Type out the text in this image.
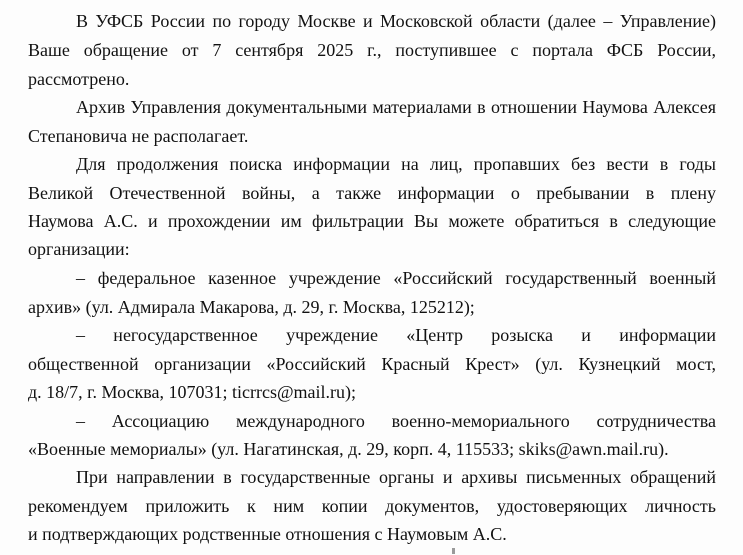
В УФСБ России по городу Москве и Московской области (далее – Управление)
Ваше обращение от 7 сентября 2025 г., поступившее с портала ФСБ России,
рассмотрено.
Архив Управления документальными материалами в отношении Наумова Алексея
Степановича не располагает.
Для продолжения поиска информации на лиц, пропавших без вести в годы
Великой Отечественной войны, а также информации о пребывании в плену
Наумова А.С. и прохождении им фильтрации Вы можете обратиться в следующие
организации:
– федеральное казенное учреждение «Российский государственный военный
архив» (ул. Адмирала Макарова, д. 29, г. Москва, 125212);
– негосударственное учреждение «Центр розыска и информации
общественной организации «Российский Красный Крест» (ул. Кузнецкий мост,
д. 18/7, г. Москва, 107031; ticrrcs@mail.ru);
– Ассоциацию международного военно-мемориального сотрудничества
«Военные мемориалы» (ул. Нагатинская, д. 29, корп. 4, 115533; skiks@awn.mail.ru).
При направлении в государственные органы и архивы письменных обращений
рекомендуем приложить к ним копии документов, удостоверяющих личность
и подтверждающих родственные отношения с Наумовым А.С.
